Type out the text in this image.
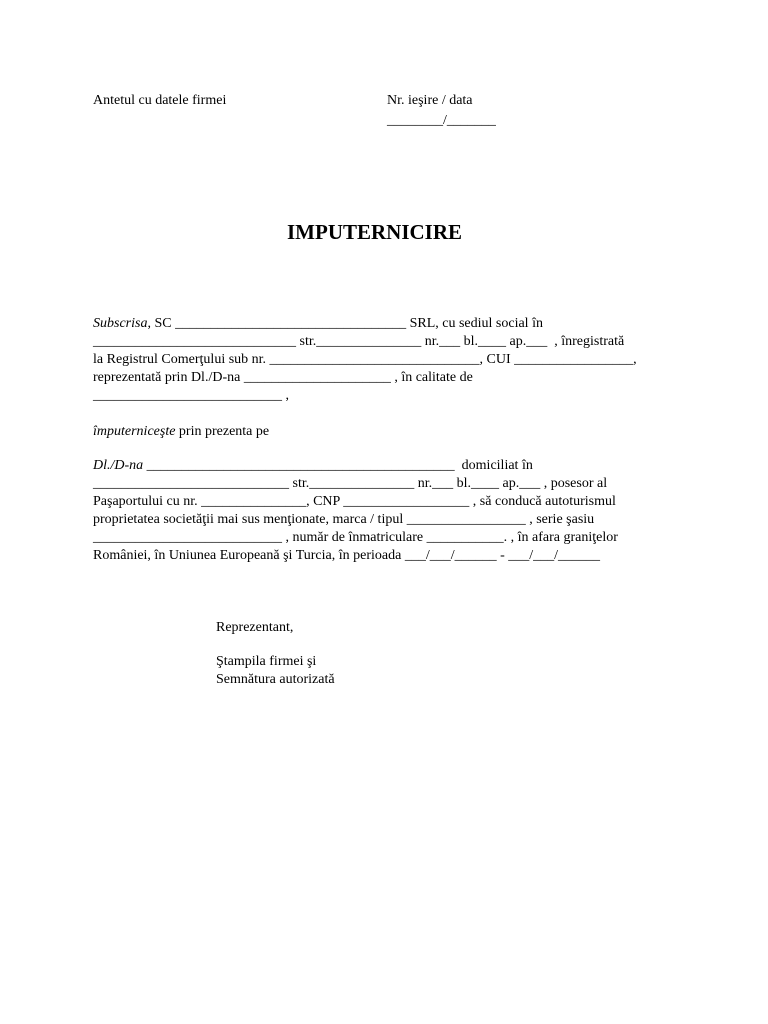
Antetul cu datele firmei	Nr. ieşire / data
________/_______
IMPUTERNICIRE
Subscrisa, SC _________________________________ SRL, cu sediul social în
_____________________________ str._______________ nr.___ bl.____ ap.___  , înregistrată
la Registrul Comerţului sub nr. ______________________________, CUI _________________,
reprezentată prin Dl./D-na _____________________ , în calitate de
___________________________ ,
împuterniceşte prin prezenta pe
Dl./D-na ____________________________________________  domiciliat în
____________________________ str._______________ nr.___ bl.____ ap.___ , posesor al
Paşaportului cu nr. _______________, CNP __________________ , să conducă autoturismul
proprietatea societăţii mai sus menţionate, marca / tipul _________________ , serie şasiu
___________________________ , număr de înmatriculare ___________. , în afara graniţelor
României, în Uniunea Europeană şi Turcia, în perioada ___/___/______ - ___/___/______
Reprezentant,
Ştampila firmei şi
Semnătura autorizată
